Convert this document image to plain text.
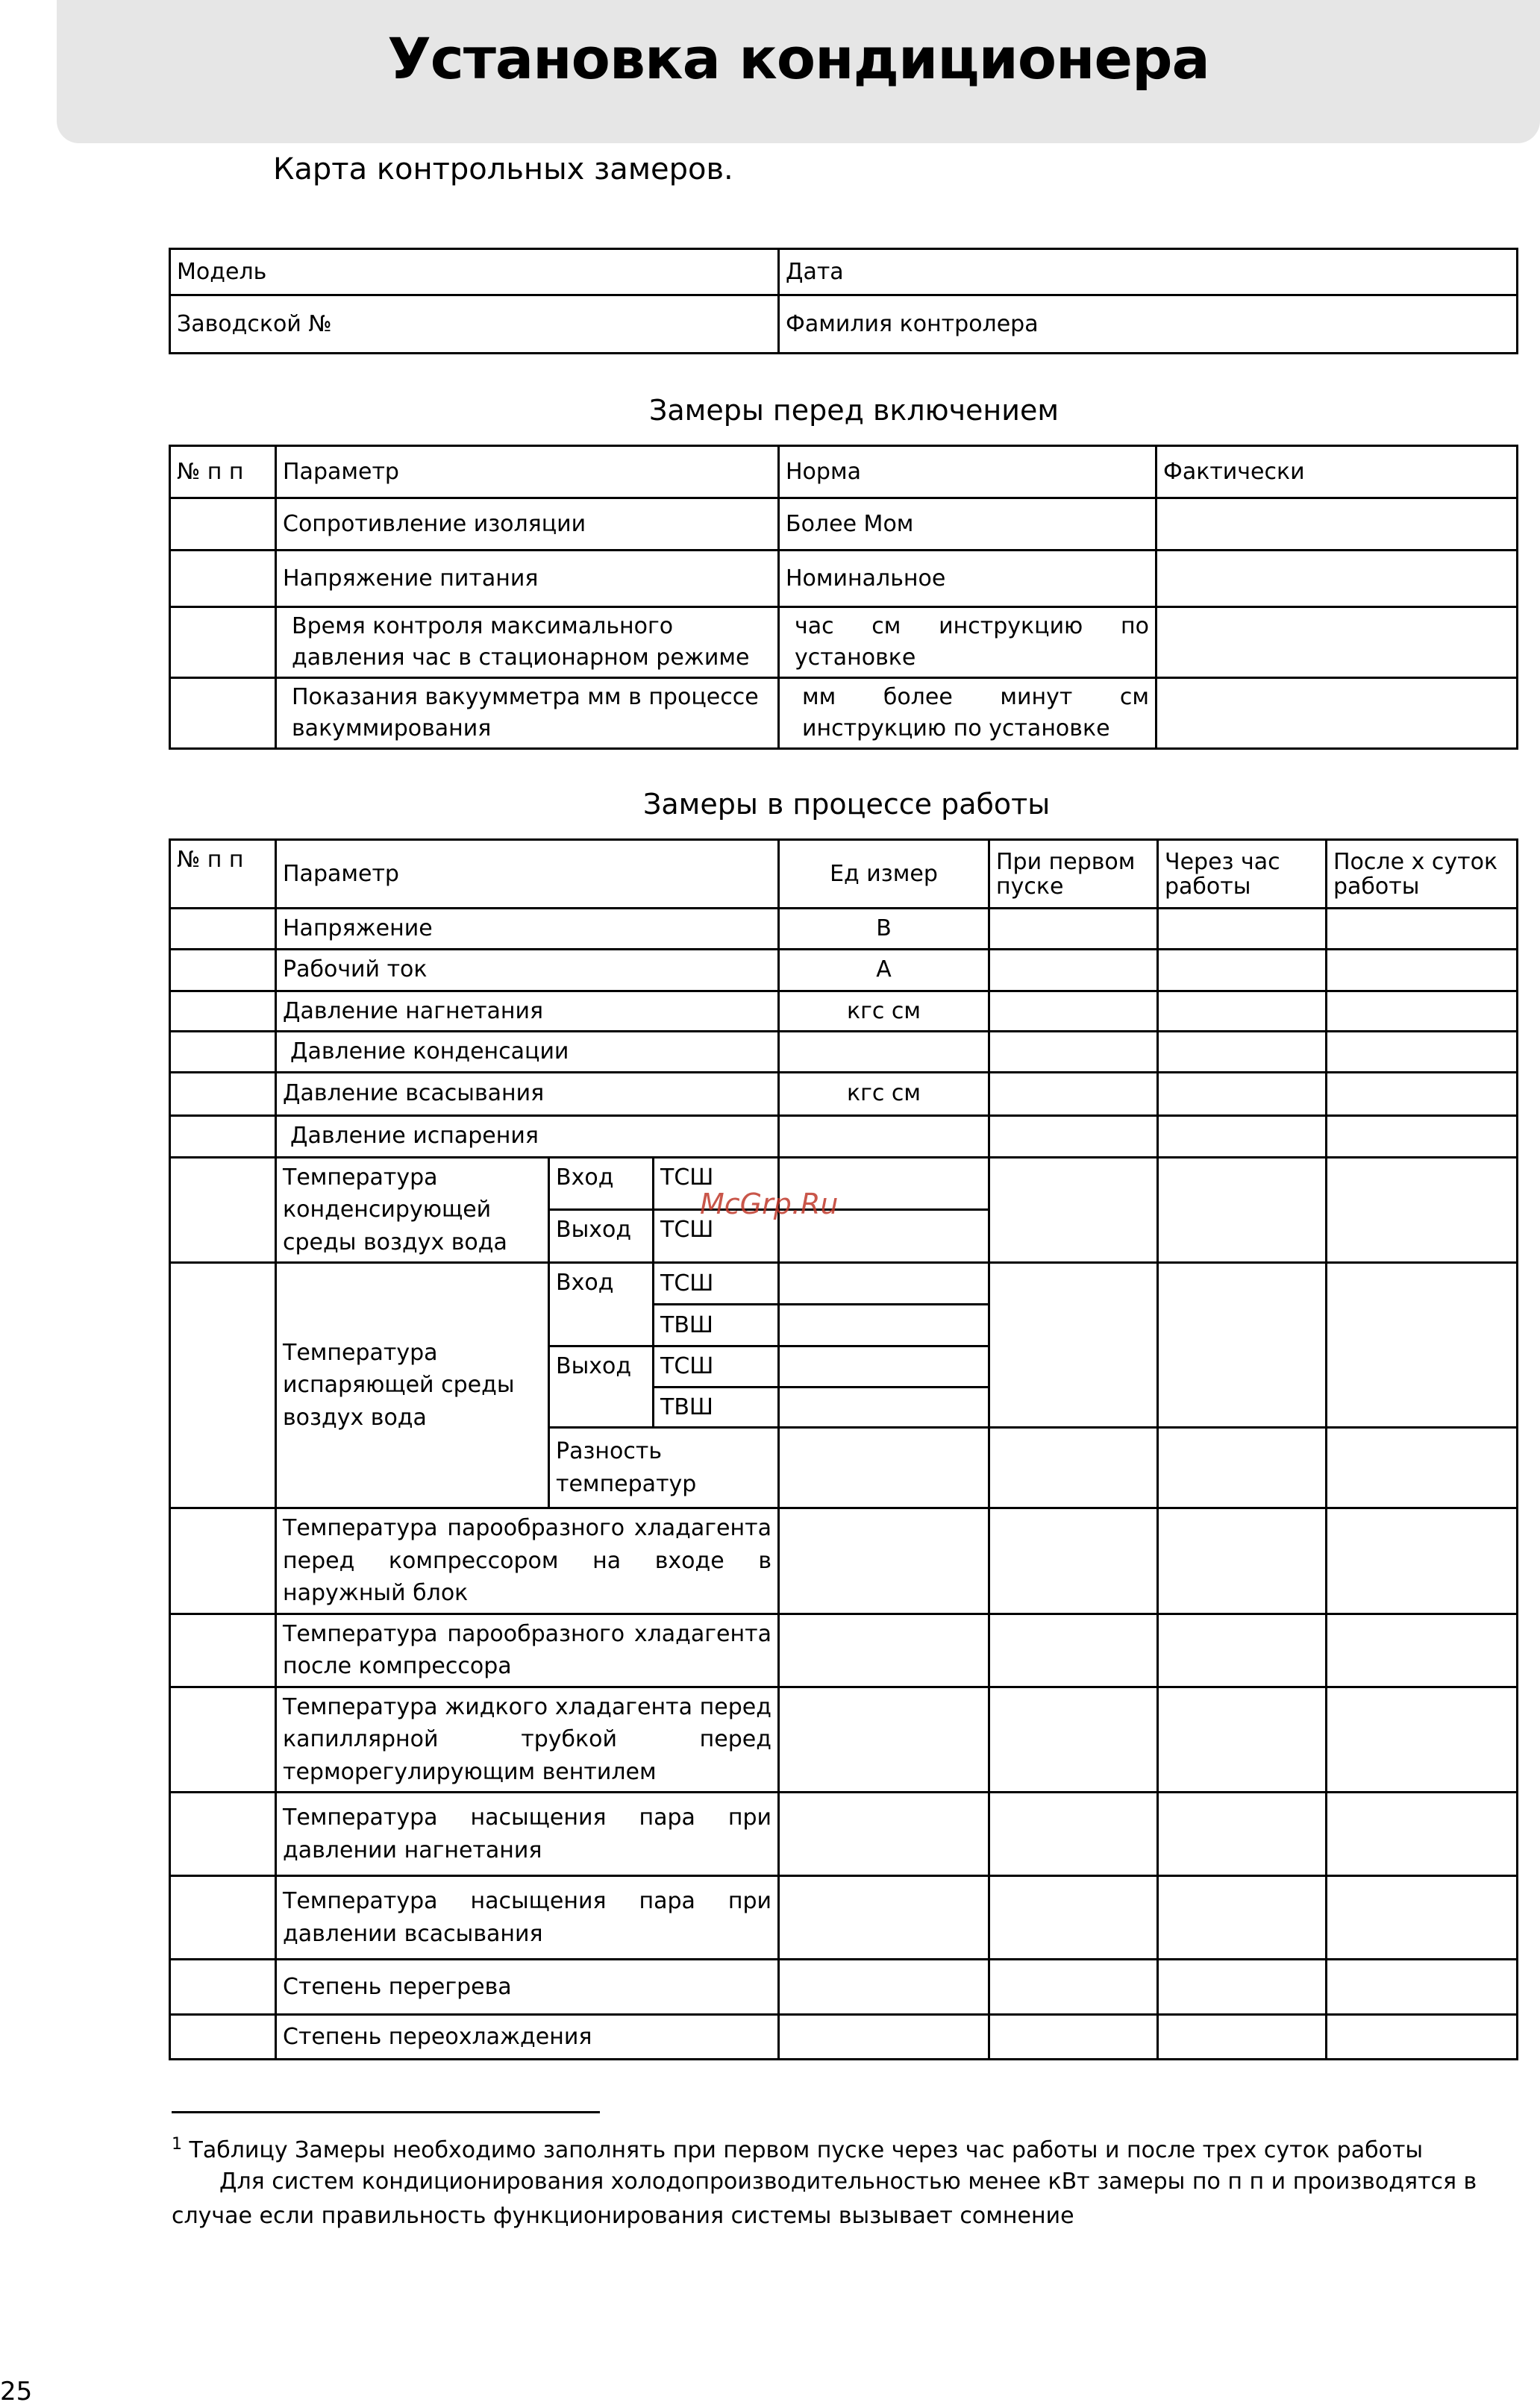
Установка кондиционера
Карта контрольных замеров.
Модель	Дата
Заводской №	Фамилия контролера
Замеры перед включением
№ п п	Параметр	Норма	Фактически
	Сопротивление изоляции	Более Мом	
	Напряжение питания	Номинальное	
	Время контроля максимального давления час в стационарном режиме	час см инструкцию по установке	
	Показания вакуумметра мм в процессе вакуммирования	мм более минут см инструкцию по установке	
Замеры в процессе работы
№ п п	Параметр			Ед измер	При первом пуске	Через час работы	После х суток работы
	Напряжение			В			
	Рабочий ток			А			
	Давление нагнетания			кгс см			
	Давление конденсации						
	Давление всасывания			кгс см			
	Давление испарения						
	Температура конденсирующей среды воздух вода	Вход	ТСШ				
		Выход	ТСШ				
	Температура испаряющей среды воздух вода	Вход	ТСШ				
			ТВШ				
		Выход	ТСШ				
			ТВШ				
		Разность температур					
	Температура парообразного хладагента перед компрессором на входе в наружный блок						
	Температура парообразного хладагента после компрессора						
	Температура жидкого хладагента перед капиллярной трубкой перед терморегулирующим вентилем						
	Температура насыщения пара при давлении нагнетания						
	Температура насыщения пара при давлении всасывания						
	Степень перегрева						
	Степень переохлаждения						
McGrp.Ru
$^1$ Таблицу Замеры необходимо заполнять при первом пуске через час работы и после трех суток работы
Для систем кондиционирования холодопроизводительностью менее кВт замеры по п п и производятся в
случае если правильность функционирования системы вызывает сомнение
25
